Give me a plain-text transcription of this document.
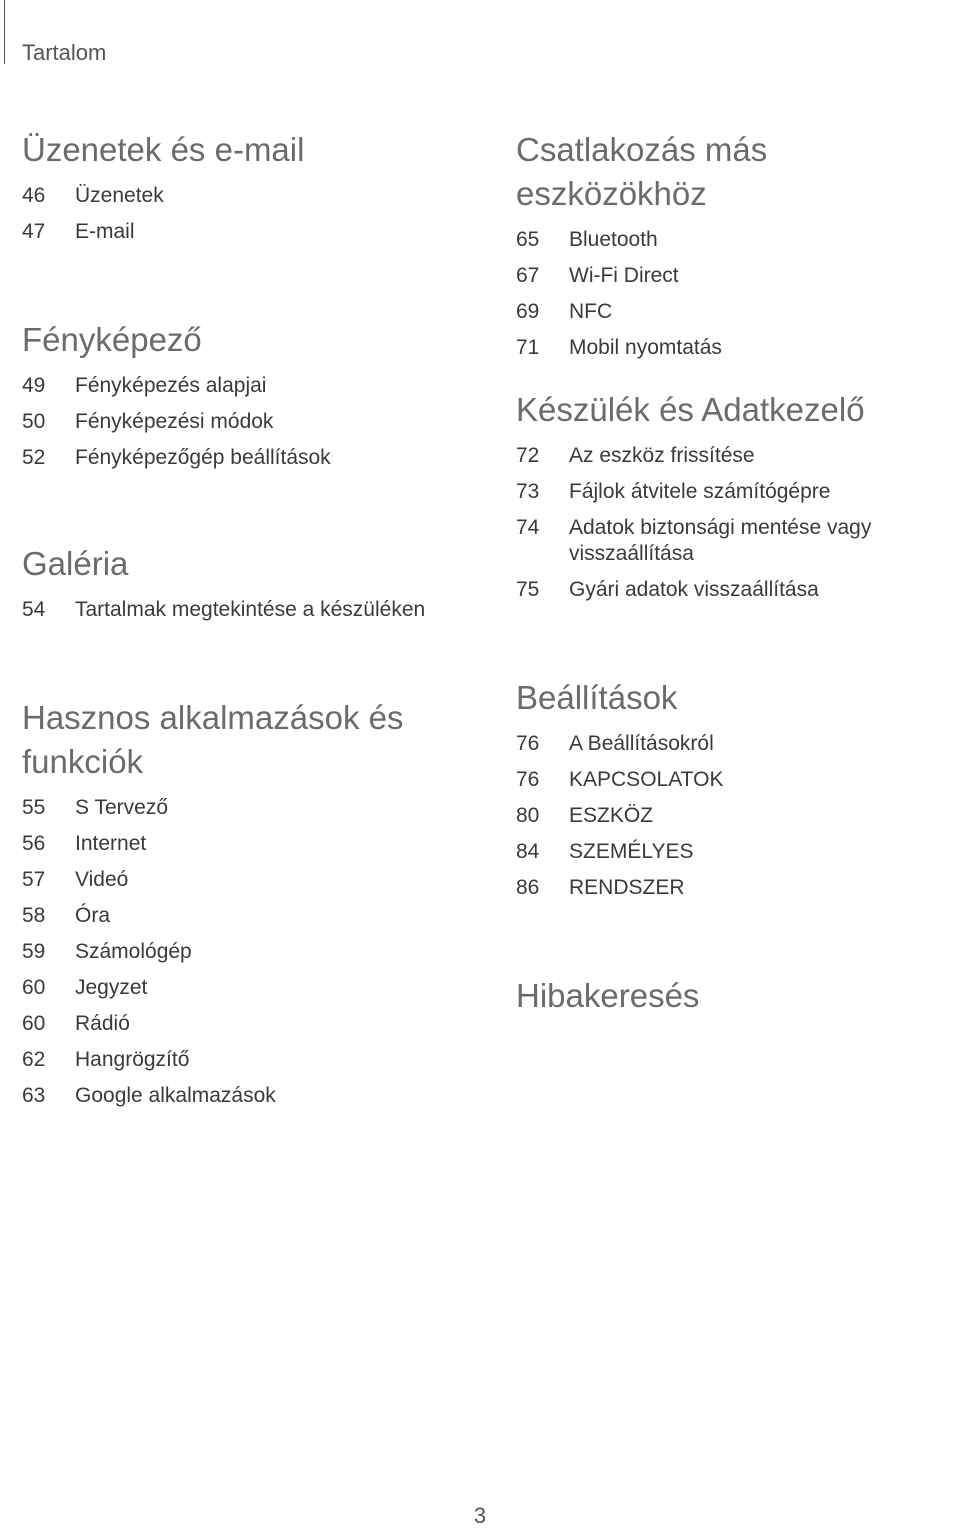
Tartalom
Üzenetek és e-mail
46	Üzenetek
47	E-mail
Fényképező
49	Fényképezés alapjai
50	Fényképezési módok
52	Fényképezőgép beállítások
Galéria
54	Tartalmak megtekintése a készüléken
Hasznos alkalmazások és funkciók
55	S Tervező
56	Internet
57	Videó
58	Óra
59	Számológép
60	Jegyzet
60	Rádió
62	Hangrögzítő
63	Google alkalmazások
Csatlakozás más eszközökhöz
65	Bluetooth
67	Wi-Fi Direct
69	NFC
71	Mobil nyomtatás
Készülék és Adatkezelő
72	Az eszköz frissítése
73	Fájlok átvitele számítógépre
74	Adatok biztonsági mentése vagy visszaállítása
75	Gyári adatok visszaállítása
Beállítások
76	A Beállításokról
76	KAPCSOLATOK
80	ESZKÖZ
84	SZEMÉLYES
86	RENDSZER
Hibakeresés
3
